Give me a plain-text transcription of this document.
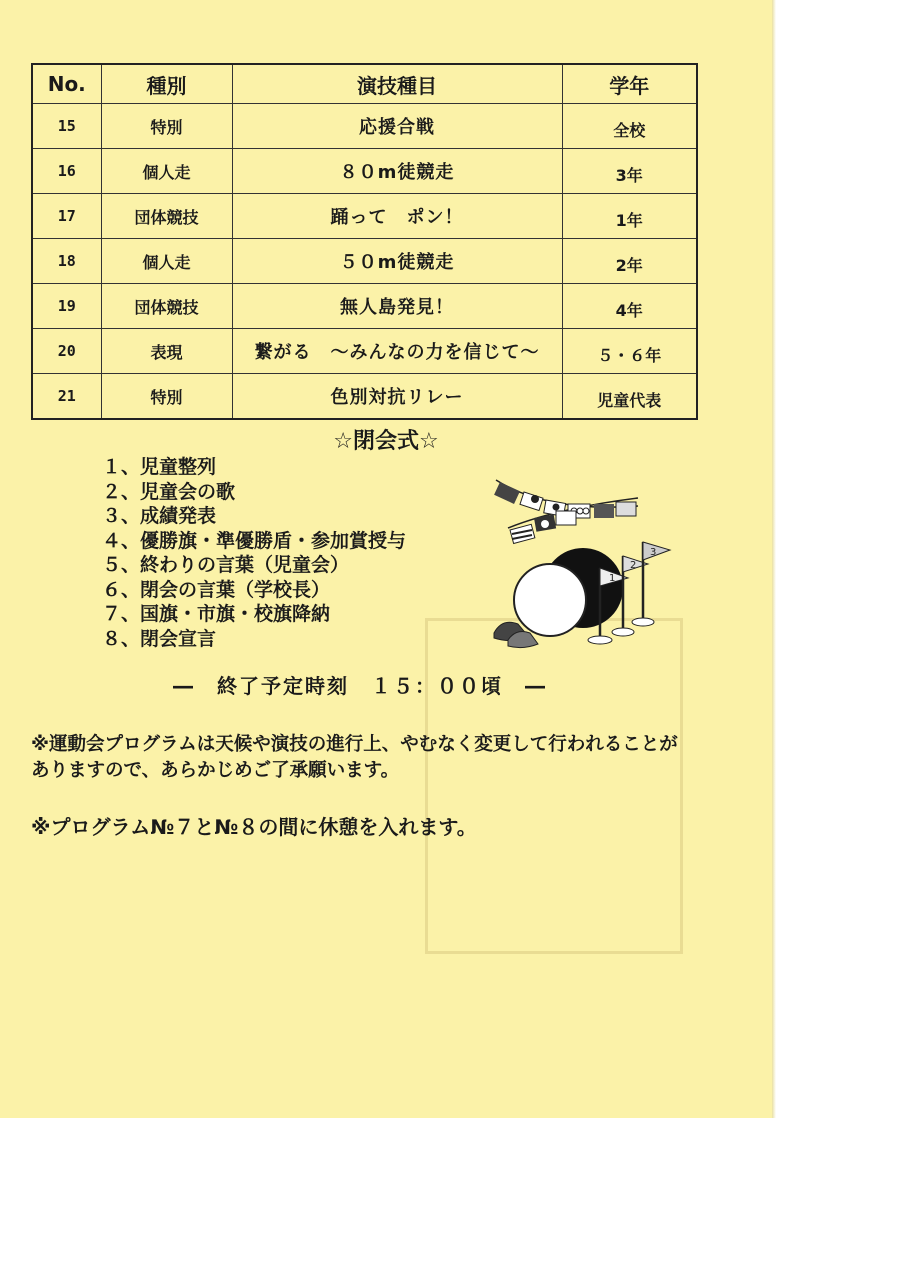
No.	種別	演技種目	学年
15	特別	応援合戦	全校
16	個人走	８０m徒競走	3年
17	団体競技	踊って　ポン！	1年
18	個人走	５０m徒競走	2年
19	団体競技	無人島発見！	4年
20	表現	繋がる　～みんなの力を信じて～	５・６年
21	特別	色別対抗リレー	児童代表
☆閉会式☆
１、児童整列
２、児童会の歌
３、成績発表
４、優勝旗・準優勝盾・参加賞授与
５、終わりの言葉（児童会）
６、閉会の言葉（学校長）
７、国旗・市旗・校旗降納
８、閉会宣言
1
2
3
―　終了予定時刻　１５：００頃　―
※運動会プログラムは天候や演技の進行上、やむなく変更して行われることがありますので、あらかじめご了承願います。
※プログラム№７と№８の間に休憩を入れます。
